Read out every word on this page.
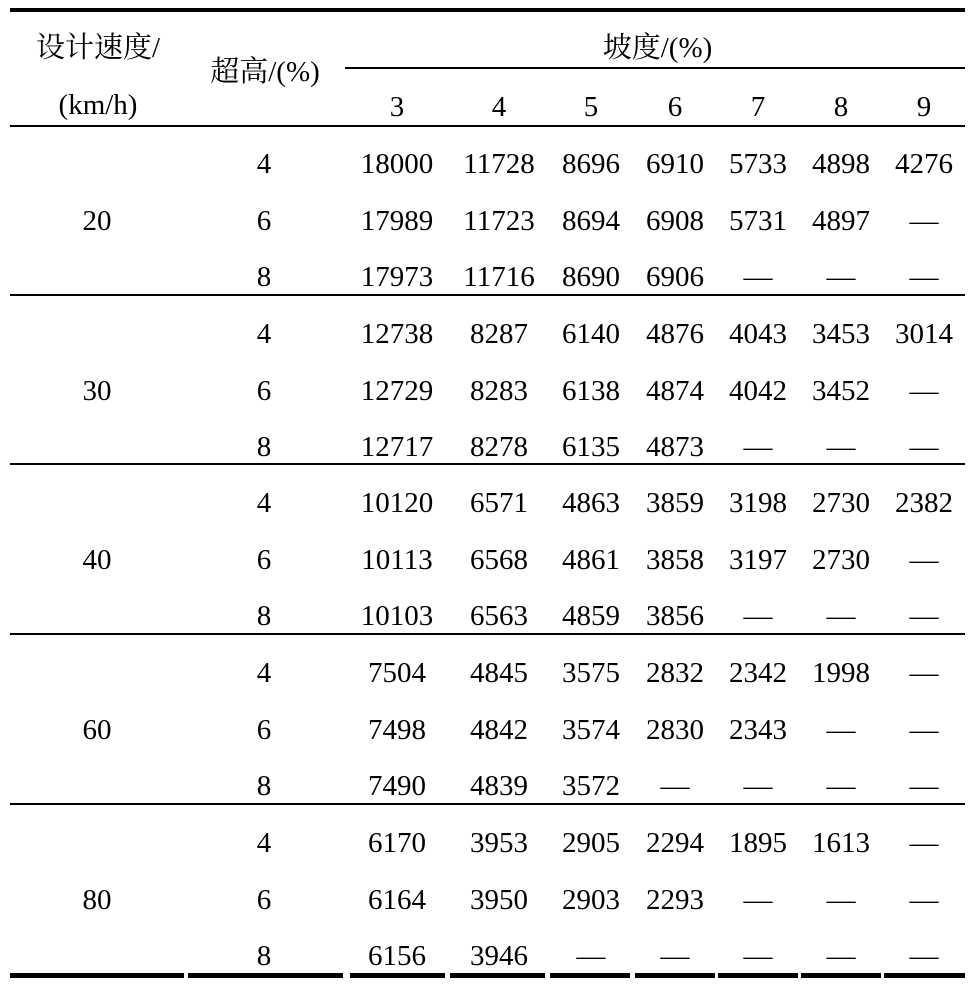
设计速度/
(km/h)
超高/(%)
坡度/(%)
3	4	5	6	7	8	9
20
4	18000 11728 8696 6910 5733 4898 4276
6	17989 11723 8694 6908 5731 4897	—
8	17973 11716 8690 6906	—	—	—
30
4	12738	8287	6140 4876 4043 3453 3014
6	12729	8283	6138 4874 4042 3452	—
8	12717	8278	6135 4873	—	—	—
40
4	10120	6571	4863 3859 3198 2730 2382
6	10113	6568	4861 3858 3197 2730	—
8	10103	6563	4859 3856	—	—	—
60
4	7504	4845	3575 2832 2342 1998	—
6	7498	4842	3574 2830 2343	—	—
8	7490	4839	3572	—	—	—	—
80
4	6170	3953	2905 2294 1895 1613	—
6	6164	3950	2903 2293	—	—	—
8	6156	3946	—	—	—	—	—
